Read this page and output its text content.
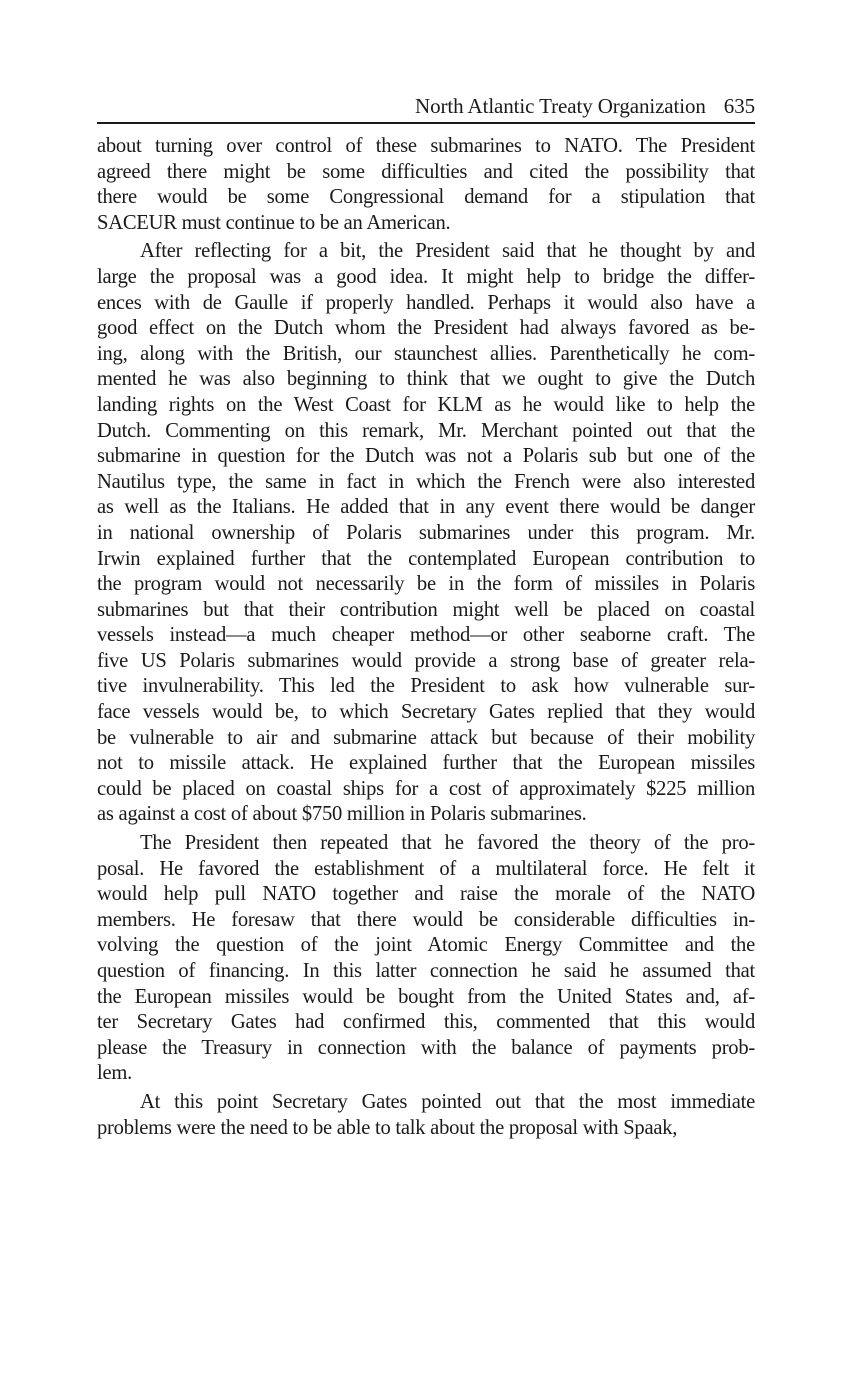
North Atlantic Treaty Organization 635
about turning over control of these submarines to NATO. The President
agreed there might be some difficulties and cited the possibility that
there would be some Congressional demand for a stipulation that
SACEUR must continue to be an American.
After reflecting for a bit, the President said that he thought by and
large the proposal was a good idea. It might help to bridge the differ-
ences with de Gaulle if properly handled. Perhaps it would also have a
good effect on the Dutch whom the President had always favored as be-
ing, along with the British, our staunchest allies. Parenthetically he com-
mented he was also beginning to think that we ought to give the Dutch
landing rights on the West Coast for KLM as he would like to help the
Dutch. Commenting on this remark, Mr. Merchant pointed out that the
submarine in question for the Dutch was not a Polaris sub but one of the
Nautilus type, the same in fact in which the French were also interested
as well as the Italians. He added that in any event there would be danger
in national ownership of Polaris submarines under this program. Mr.
Irwin explained further that the contemplated European contribution to
the program would not necessarily be in the form of missiles in Polaris
submarines but that their contribution might well be placed on coastal
vessels instead—a much cheaper method—or other seaborne craft. The
five US Polaris submarines would provide a strong base of greater rela-
tive invulnerability. This led the President to ask how vulnerable sur-
face vessels would be, to which Secretary Gates replied that they would
be vulnerable to air and submarine attack but because of their mobility
not to missile attack. He explained further that the European missiles
could be placed on coastal ships for a cost of approximately $225 million
as against a cost of about $750 million in Polaris submarines.
The President then repeated that he favored the theory of the pro-
posal. He favored the establishment of a multilateral force. He felt it
would help pull NATO together and raise the morale of the NATO
members. He foresaw that there would be considerable difficulties in-
volving the question of the joint Atomic Energy Committee and the
question of financing. In this latter connection he said he assumed that
the European missiles would be bought from the United States and, af-
ter Secretary Gates had confirmed this, commented that this would
please the Treasury in connection with the balance of payments prob-
lem.
At this point Secretary Gates pointed out that the most immediate
problems were the need to be able to talk about the proposal with Spaak,
